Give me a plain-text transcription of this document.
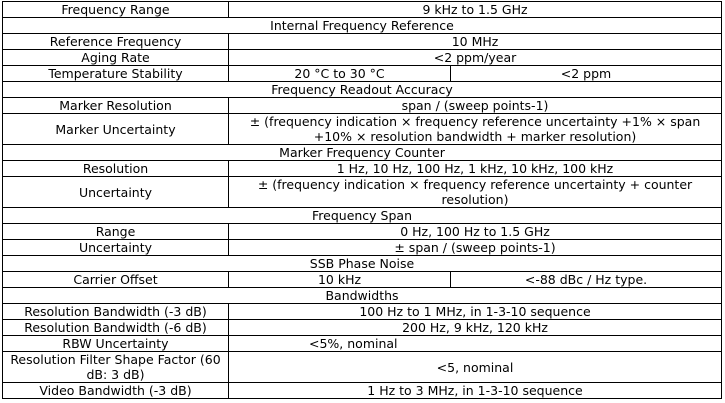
Frequency Range	9 kHz to 1.5 GHz	
Internal Frequency Reference		
Reference Frequency	10 MHz	
Aging Rate	<2 ppm/year	
Temperature Stability	20 °C to 30 °C	<2 ppm
Frequency Readout Accuracy		
Marker Resolution	span / (sweep points-1)	
Marker Uncertainty	± (frequency indication × frequency reference uncertainty +1% × span +10% × resolution bandwidth + marker resolution)	
Marker Frequency Counter		
Resolution	1 Hz, 10 Hz, 100 Hz, 1 kHz, 10 kHz, 100 kHz	
Uncertainty	± (frequency indication × frequency reference uncertainty + counter resolution)	
Frequency Span		
Range	0 Hz, 100 Hz to 1.5 GHz	
Uncertainty	± span / (sweep points-1)	
SSB Phase Noise		
Carrier Offset	10 kHz	<-88 dBc / Hz type.
Bandwidths		
Resolution Bandwidth (-3 dB)	100 Hz to 1 MHz, in 1-3-10 sequence	
Resolution Bandwidth (-6 dB)	200 Hz, 9 kHz, 120 kHz	
RBW Uncertainty	<5%, nominal	
Resolution Filter Shape Factor (60 dB: 3 dB)	<5, nominal	
Video Bandwidth (-3 dB)	1 Hz to 3 MHz, in 1-3-10 sequence	
